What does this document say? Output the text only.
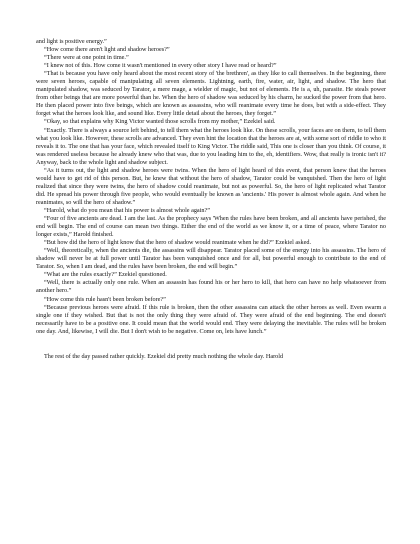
and light is positive energy.”

“How come there aren't light and shadow heroes?”

“There were at one point in time.”

“I knew not of this. How come it wasn't mentioned in every other story I have read or heard?”

“That is because you have only heard about the most recent story of 'the brethren', as they like to call themselves. In the beginning, there were seven heroes, capable of manipulating all seven elements. Lightning, earth, fire, water, air, light, and shadow. The hero that manipulated shadow, was seduced by Tarator, a mere mage, a wielder of magic, but not of elements. He is a, uh, parasite. He steals power from other beings that are more powerful than he. When the hero of shadow was seduced by his charm, he sucked the power from that hero. He then placed power into five beings, which are known as assassins, who will reanimate every time he does, but with a side-effect. They forget what the heroes look like, and sound like. Every little detail about the heroes, they forget.”

“Okay, so that explains why King Victor wanted those scrolls from my mother,” Ezekiel said.

“Exactly. There is always a source left behind, to tell them what the heroes look like. On these scrolls, your faces are on them, to tell them what you look like. However, these scrolls are advanced. They even hint the location that the heroes are at, with some sort of riddle to who it reveals it to. The one that has your face, which revealed itself to King Victor. The riddle said, This one is closer than you think. Of course, it was rendered useless because he already knew who that was, due to you leading him to the, eh, identifiers. Wow, that really is ironic isn't it? Anyway, back to the whole light and shadow subject.

“As it turns out, the light and shadow heroes were twins. When the hero of light heard of this event, that person knew that the heroes would have to get rid of this person. But, he knew that without the hero of shadow, Tarator could be vanquished. Then the hero of light realized that since they were twins, the hero of shadow could reanimate, but not as powerful. So, the hero of light replicated what Tarator did. He spread his power through five people, who would eventually be known as 'ancients.' His power is almost whole again. And when he reanimates, so will the hero of shadow.”

“Harold, what do you mean that his power is almost whole again?”

“Four of five ancients are dead. I am the last. As the prophecy says 'When the rules have been broken, and all ancients have perished, the end will begin. The end of course can mean two things. Either the end of the world as we know it, or a time of peace, where Tarator no longer exists,” Harold finished.

“But how did the hero of light know that the hero of shadow would reanimate when he did?” Ezekiel asked.

“Well, theoretically, when the ancients die, the assassins will disappear. Tarator placed some of the energy into his assassins. The hero of shadow will never be at full power until Tarator has been vanquished once and for all, but powerful enough to contribute to the end of Tarator. So, when I am dead, and the rules have been broken, the end will begin.”

“What are the rules exactly?” Ezekiel questioned.

“Well, there is actually only one rule. When an assassin has found his or her hero to kill, that hero can have no help whatsoever from another hero.”

“How come this rule hasn't been broken before?”

“Because previous heroes were afraid. If this rule is broken, then the other assassins can attack the other heroes as well. Even swarm a single one if they wished. But that is not the only thing they were afraid of. They were afraid of the end beginning. The end doesn't necessarily have to be a positive one. It could mean that the world would end. They were delaying the inevitable. The rules will be broken one day. And, likewise, I will die. But I don't wish to be negative. Come on, lets have lunch.”

The rest of the day passed rather quickly. Ezekiel did pretty much nothing the whole day. Harold
